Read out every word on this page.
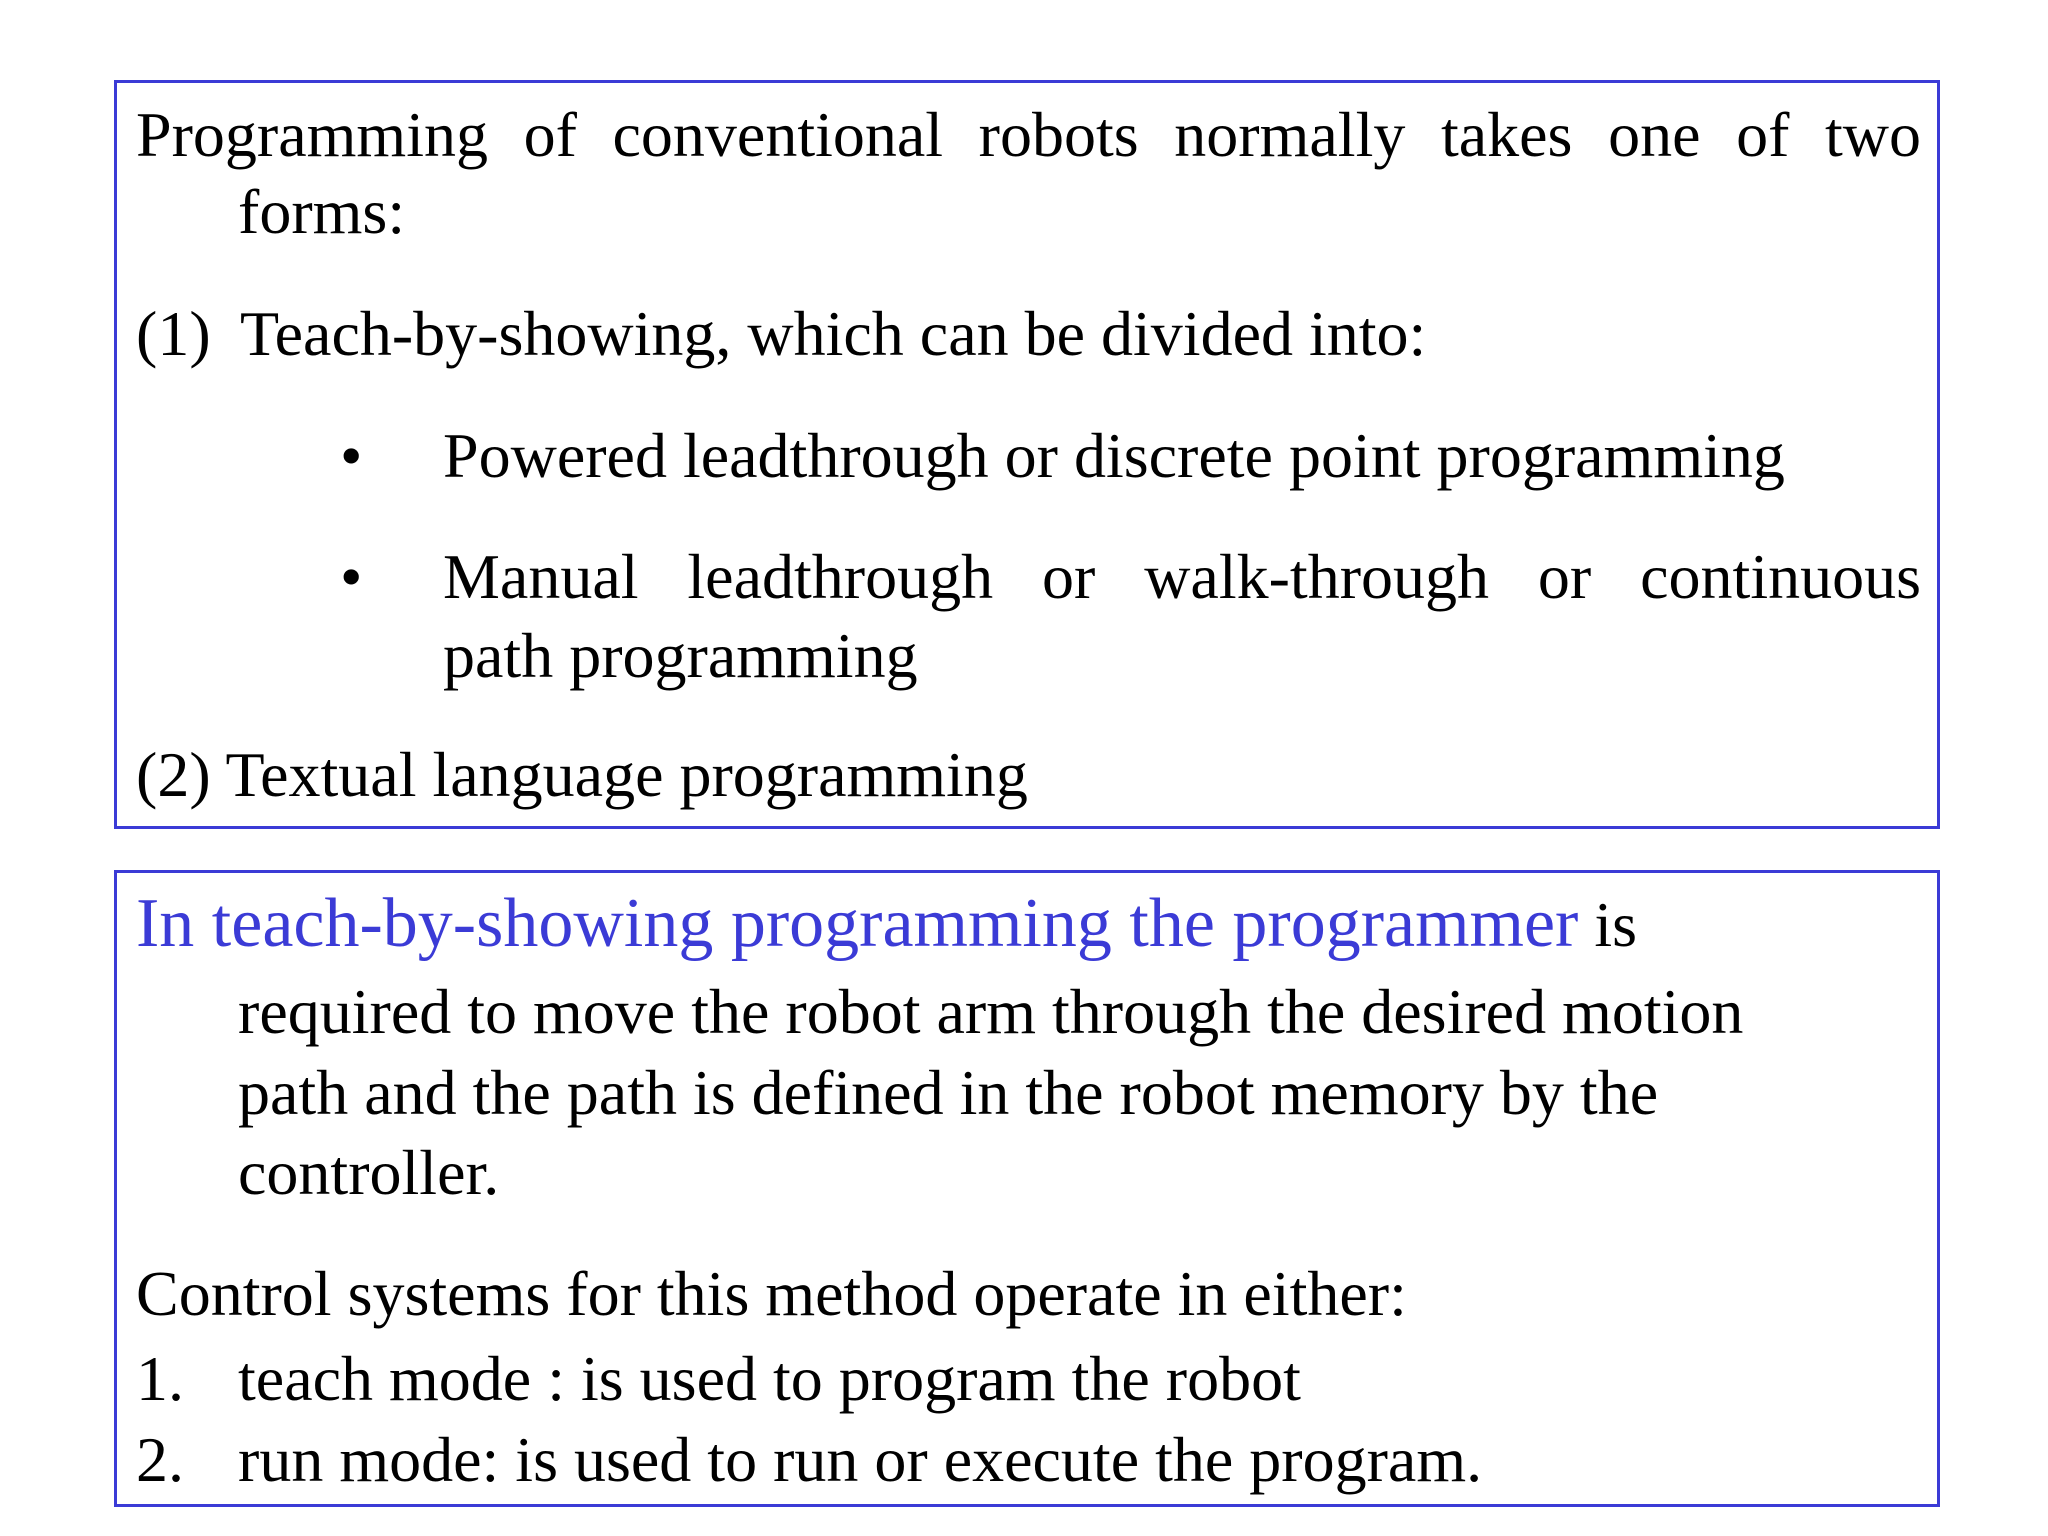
Programming of conventional robots normally takes one of two
forms:
(1) Teach-by-showing, which can be divided into:
• Powered leadthrough or discrete point programming
• Manual leadthrough or walk-through or continuous
path programming
(2) Textual language programming
In teach-by-showing programming the programmer is
required to move the robot arm through the desired motion
path and the path is defined in the robot memory by the
controller.
Control systems for this method operate in either:
1. teach mode : is used to program the robot
2. run mode: is used to run or execute the program.
